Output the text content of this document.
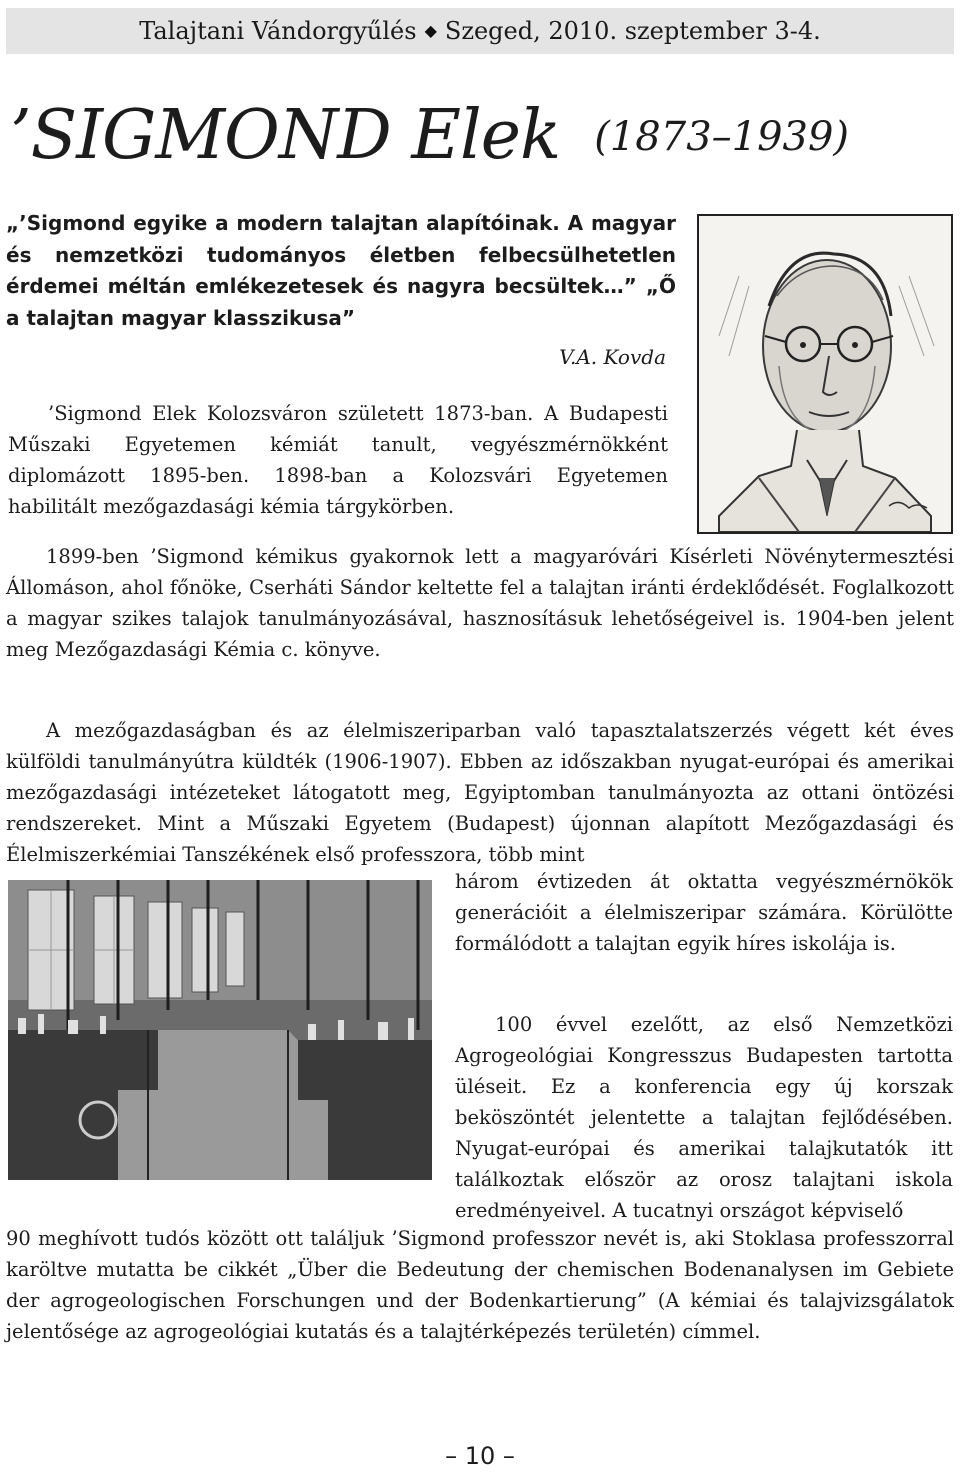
Talajtani Vándorgyűlés ◆ Szeged, 2010. szeptember 3-4.
’SIGMOND Elek (1873–1939)
„’Sigmond egyike a modern talajtan alapítóinak. A magyar és nemzetközi tudományos életben felbecsülhetetlen érdemei méltán emlékezetesek és nagyra becsültek…” „Ő a talajtan magyar klasszikusa”
V.A. Kovda

’Sigmond Elek Kolozsváron született 1873-ban. A Budapesti Műszaki Egyetemen kémiát tanult, vegyészmérnökként diplomázott 1895-ben. 1898-ban a Kolozsvári Egyetemen habilitált mezőgazdasági kémia tárgykörben.

1899-ben ’Sigmond kémikus gyakornok lett a magyaróvári Kísérleti Növénytermesztési Állomáson, ahol főnöke, Cserháti Sándor keltette fel a talajtan iránti érdeklődését. Foglalkozott a magyar szikes talajok tanulmányozásával, hasznosításuk lehetőségeivel is. 1904-ben jelent meg Mezőgazdasági Kémia c. könyve.

A mezőgazdaságban és az élelmiszeriparban való tapasztalatszerzés végett két éves külföldi tanulmányútra küldték (1906-1907). Ebben az időszakban nyugat-európai és amerikai mezőgazdasági intézeteket látogatott meg, Egyiptomban tanulmányozta az ottani öntözési rendszereket. Mint a Műszaki Egyetem (Budapest) újonnan alapított Mezőgazdasági és Élelmiszerkémiai Tanszékének első professzora, több mint

három évtizeden át oktatta vegyészmérnökök generációit a élelmiszeripar számára. Körülötte formálódott a talajtan egyik híres iskolája is.

100 évvel ezelőtt, az első Nemzetközi Agrogeológiai Kongresszus Budapesten tartotta üléseit. Ez a konferencia egy új korszak beköszöntét jelentette a talajtan fejlődésében. Nyugat-európai és amerikai talajkutatók itt találkoztak először az orosz talajtani iskola eredményeivel. A tucatnyi országot képviselő

90 meghívott tudós között ott találjuk ’Sigmond professzor nevét is, aki Stoklasa professzorral karöltve mutatta be cikkét „Über die Bedeutung der chemischen Bodenanalysen im Gebiete der agrogeologischen Forschungen und der Bodenkartierung” (A kémiai és talajvizsgálatok jelentősége az agrogeológiai kutatás és a talajtérképezés területén) címmel.

– 10 –
